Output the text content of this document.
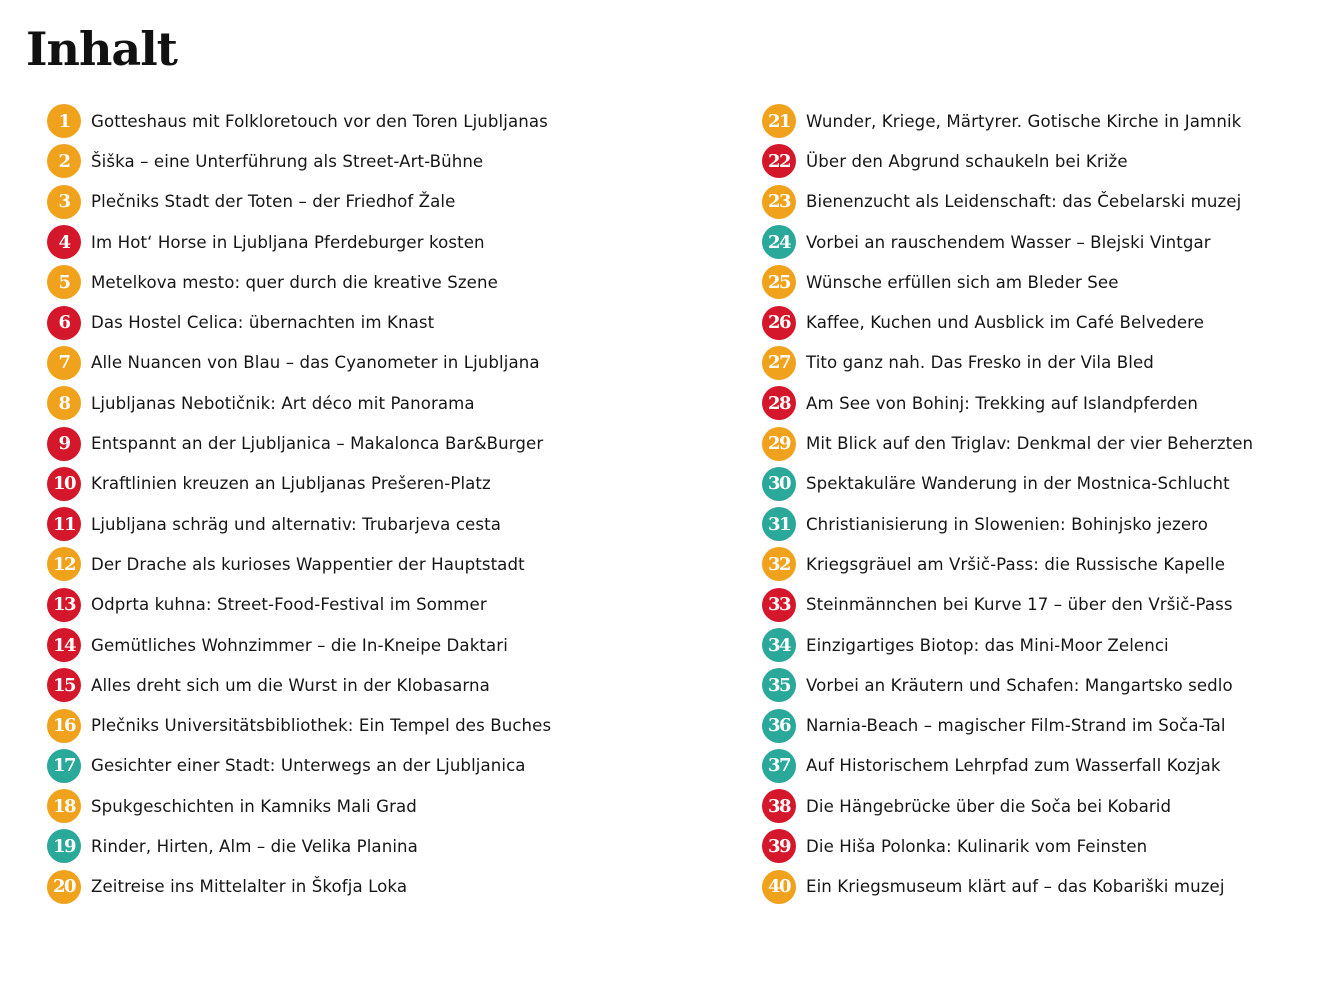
Inhalt
1	Gotteshaus mit Folkloretouch vor den Toren Ljubljanas
2	Šiška – eine Unterführung als Street-Art-Bühne
3	Plečniks Stadt der Toten – der Friedhof Žale
4	Im Hot‘ Horse in Ljubljana Pferdeburger kosten
5	Metelkova mesto: quer durch die kreative Szene
6	Das Hostel Celica: übernachten im Knast
7	Alle Nuancen von Blau – das Cyanometer in Ljubljana
8	Ljubljanas Nebotičnik: Art déco mit Panorama
9	Entspannt an der Ljubljanica – Makalonca Bar&Burger
10 Kraftlinien kreuzen an Ljubljanas Prešeren-Platz
11 Ljubljana schräg und alternativ: Trubarjeva cesta
12 Der Drache als kurioses Wappentier der Hauptstadt
13 Odprta kuhna: Street-Food-Festival im Sommer
14 Gemütliches Wohnzimmer – die In-Kneipe Daktari
15 Alles dreht sich um die Wurst in der Klobasarna
16 Plečniks Universitätsbibliothek: Ein Tempel des Buches
17 Gesichter einer Stadt: Unterwegs an der Ljubljanica
18 Spukgeschichten in Kamniks Mali Grad
19 Rinder, Hirten, Alm – die Velika Planina
20 Zeitreise ins Mittelalter in Škofja Loka
21 Wunder, Kriege, Märtyrer. Gotische Kirche in Jamnik
22 Über den Abgrund schaukeln bei Križe
23 Bienenzucht als Leidenschaft: das Čebelarski muzej
24 Vorbei an rauschendem Wasser – Blejski Vintgar
25 Wünsche erfüllen sich am Bleder See
26 Kaffee, Kuchen und Ausblick im Café Belvedere
27 Tito ganz nah. Das Fresko in der Vila Bled
28 Am See von Bohinj: Trekking auf Islandpferden
29 Mit Blick auf den Triglav: Denkmal der vier Beherzten
30 Spektakuläre Wanderung in der Mostnica-Schlucht
31 Christianisierung in Slowenien: Bohinjsko jezero
32 Kriegsgräuel am Vršič-Pass: die Russische Kapelle
33 Steinmännchen bei Kurve 17 – über den Vršič-Pass
34 Einzigartiges Biotop: das Mini-Moor Zelenci
35 Vorbei an Kräutern und Schafen: Mangartsko sedlo
36 Narnia-Beach – magischer Film-Strand im Soča-Tal
37 Auf Historischem Lehrpfad zum Wasserfall Kozjak
38 Die Hängebrücke über die Soča bei Kobarid
39 Die Hiša Polonka: Kulinarik vom Feinsten
40 Ein Kriegsmuseum klärt auf – das Kobariški muzej
